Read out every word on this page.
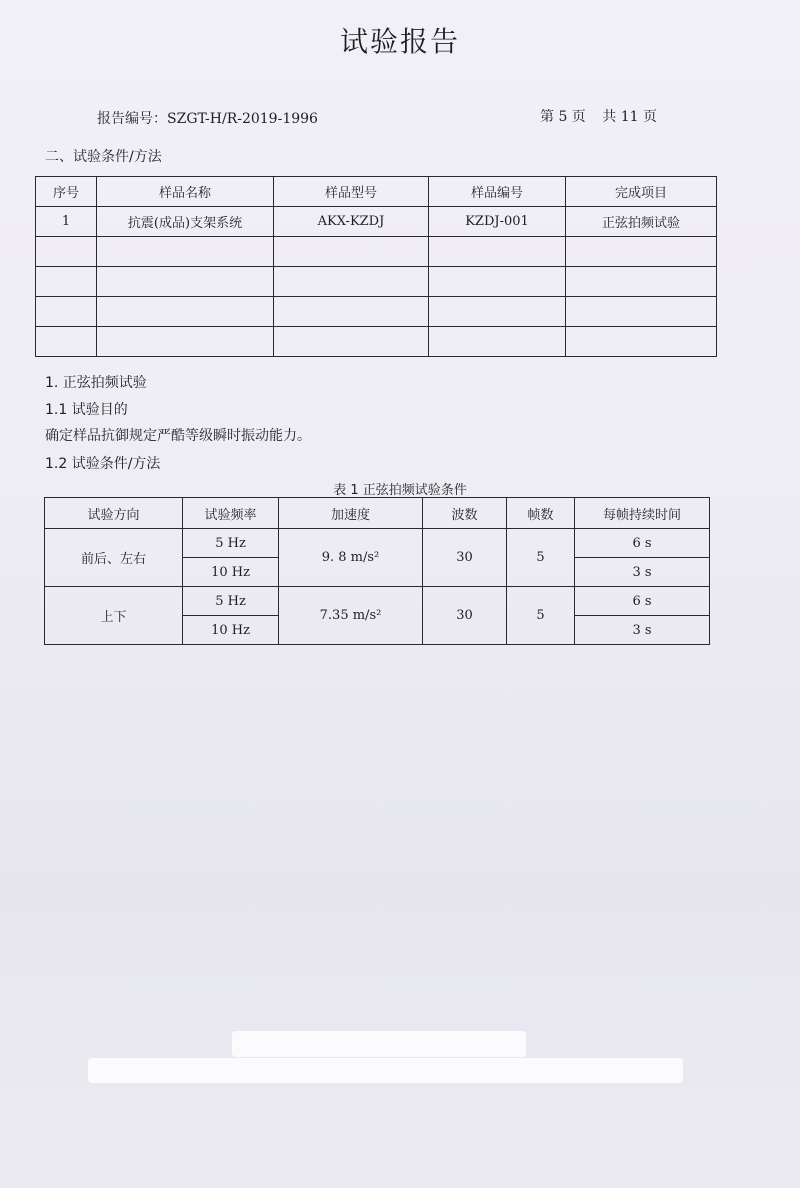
试验报告
报告编号：SZGT-H/R-2019-1996	第 5 页 共 11 页
二、试验条件/方法
序号	样品名称	样品型号	样品编号	完成项目
1	抗震(成品)支架系统	AKX-KZDJ	KZDJ-001	正弦拍频试验

1. 正弦拍频试验
1.1 试验目的
确定样品抗御规定严酷等级瞬时振动能力。
1.2 试验条件/方法
表 1 正弦拍频试验条件
试验方向	试验频率	加速度	波数	帧数	每帧持续时间
前后、左右	5 Hz	9. 8 m/s²	30	5	6 s
	10 Hz				3 s
上下	5 Hz	7.35 m/s²	30	5	6 s
	10 Hz				3 s
